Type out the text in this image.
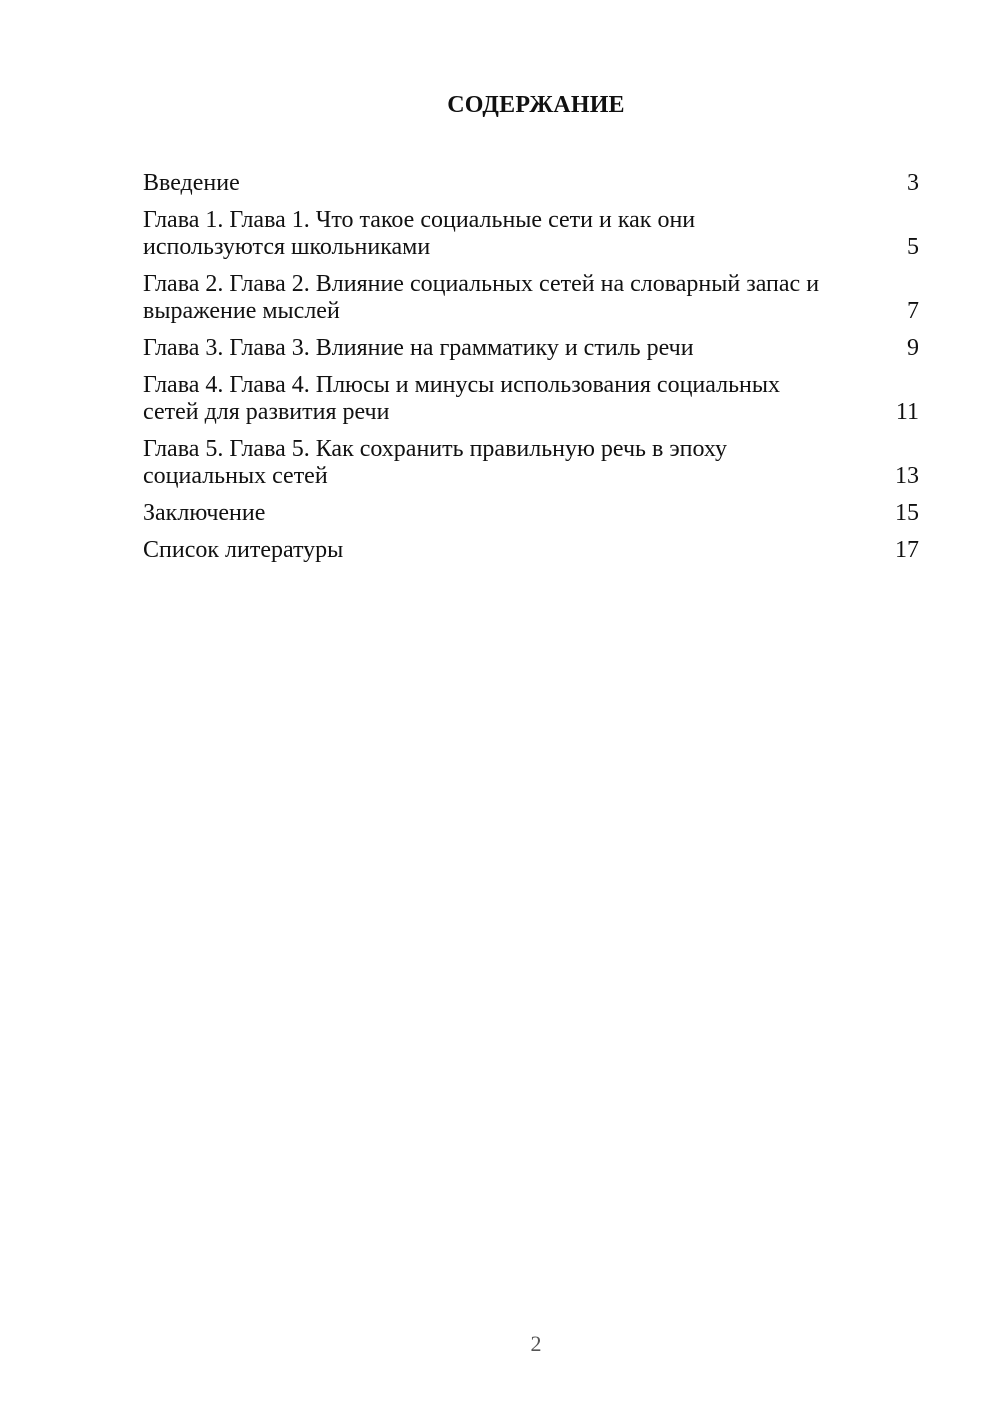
СОДЕРЖАНИЕ
Введение	3
Глава 1. Глава 1. Что такое социальные сети и как они используются школьниками	5
Глава 2. Глава 2. Влияние социальных сетей на словарный запас и выражение мыслей	7
Глава 3. Глава 3. Влияние на грамматику и стиль речи	9
Глава 4. Глава 4. Плюсы и минусы использования социальных сетей для развития речи	11
Глава 5. Глава 5. Как сохранить правильную речь в эпоху социальных сетей	13
Заключение	15
Список литературы	17
2
